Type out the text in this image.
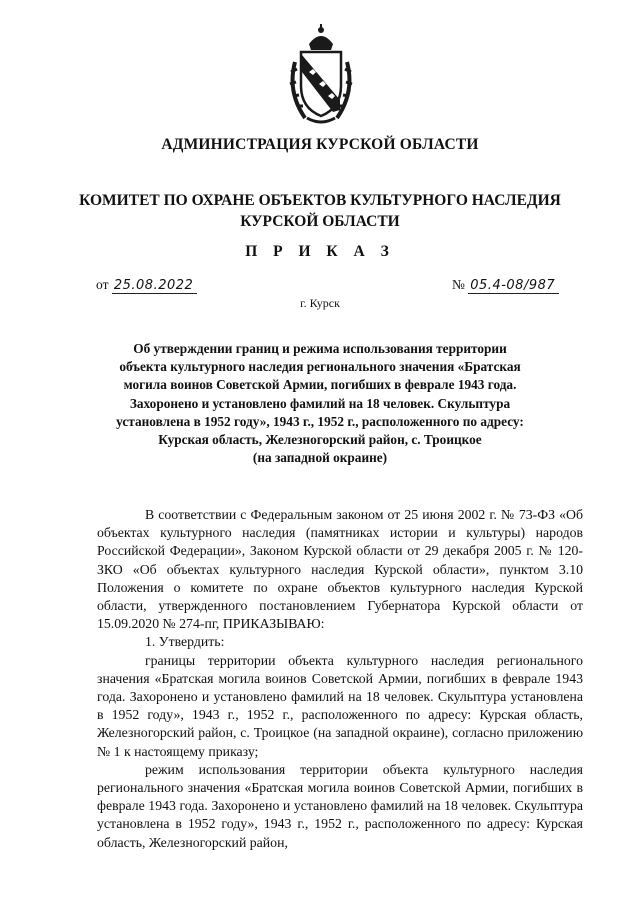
АДМИНИСТРАЦИЯ КУРСКОЙ ОБЛАСТИ
КОМИТЕТ ПО ОХРАНЕ ОБЪЕКТОВ КУЛЬТУРНОГО НАСЛЕДИЯ
КУРСКОЙ ОБЛАСТИ
П Р И К А З
от 25.08.2022	№ 05.4-08/987
г. Курск
Об утверждении границ и режима использования территории
объекта культурного наследия регионального значения «Братская
могила воинов Советской Армии, погибших в феврале 1943 года.
Захоронено и установлено фамилий на 18 человек. Скульптура
установлена в 1952 году», 1943 г., 1952 г., расположенного по адресу:
Курская область, Железногорский район, с. Троицкое
(на западной окраине)

В соответствии с Федеральным законом от 25 июня 2002 г. № 73-ФЗ «Об объектах культурного наследия (памятниках истории и культуры) народов Российской Федерации», Законом Курской области от 29 декабря 2005 г. № 120-ЗКО «Об объектах культурного наследия Курской области», пунктом 3.10 Положения о комитете по охране объектов культурного наследия Курской области, утвержденного постановлением Губернатора Курской области от 15.09.2020 № 274-пг, ПРИКАЗЫВАЮ:

1. Утвердить:

границы территории объекта культурного наследия регионального значения «Братская могила воинов Советской Армии, погибших в феврале 1943 года. Захоронено и установлено фамилий на 18 человек. Скульптура установлена в 1952 году», 1943 г., 1952 г., расположенного по адресу: Курская область, Железногорский район, с. Троицкое (на западной окраине), согласно приложению № 1 к настоящему приказу;

режим использования территории объекта культурного наследия регионального значения «Братская могила воинов Советской Армии, погибших в феврале 1943 года. Захоронено и установлено фамилий на 18 человек. Скульптура установлена в 1952 году», 1943 г., 1952 г., расположенного по адресу: Курская область, Железногорский район,
